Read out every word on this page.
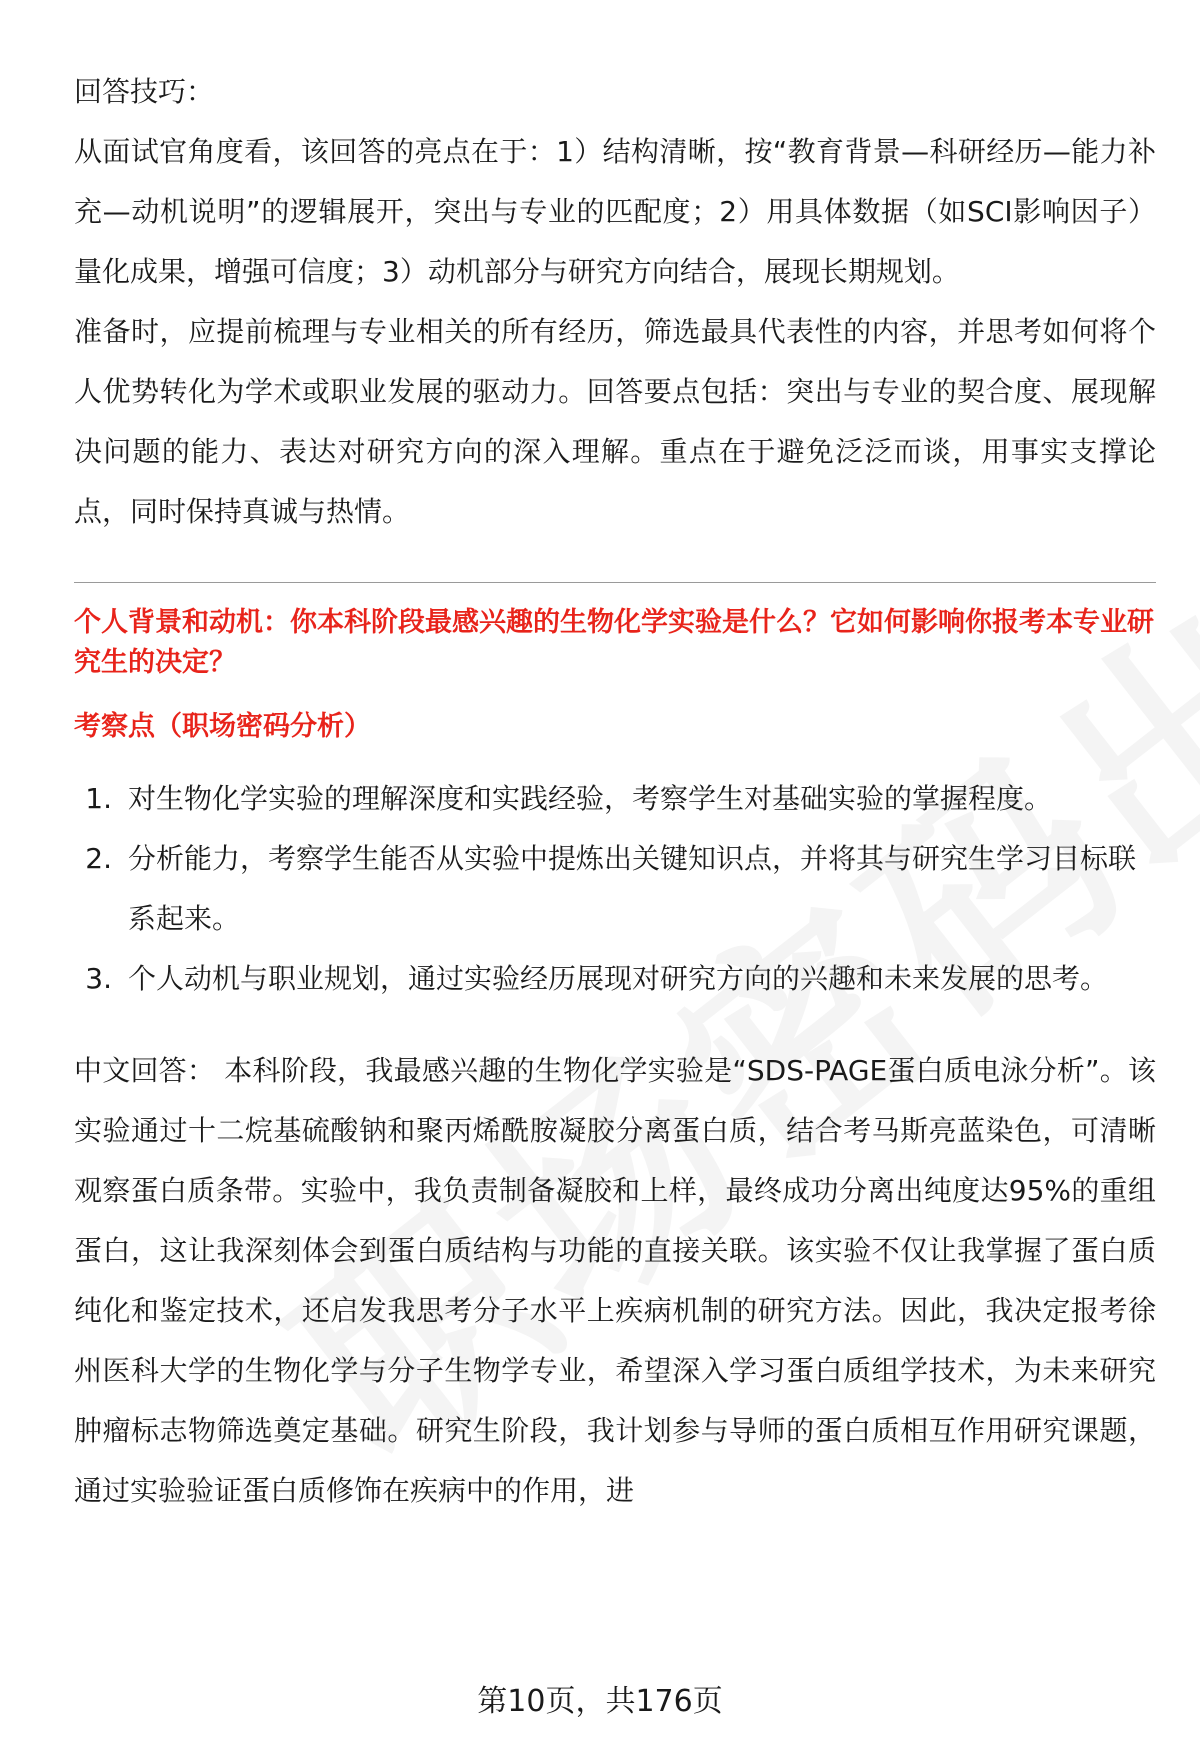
回答技巧：

从面试官角度看，该回答的亮点在于：1）结构清晰，按“教育背景—科研经历—能力补充—动机说明”的逻辑展开，突出与专业的匹配度；2）用具体数据（如SCI影响因子）量化成果，增强可信度；3）动机部分与研究方向结合，展现长期规划。

准备时，应提前梳理与专业相关的所有经历，筛选最具代表性的内容，并思考如何将个人优势转化为学术或职业发展的驱动力。回答要点包括：突出与专业的契合度、展现解决问题的能力、表达对研究方向的深入理解。重点在于避免泛泛而谈，用事实支撑论点，同时保持真诚与热情。

个人背景和动机：你本科阶段最感兴趣的生物化学实验是什么？它如何影响你报考本专业研究生的决定？
考察点（职场密码分析）
1. 对生物化学实验的理解深度和实践经验，考察学生对基础实验的掌握程度。
2. 分析能力，考察学生能否从实验中提炼出关键知识点，并将其与研究生学习目标联系起来。
3. 个人动机与职业规划，通过实验经历展现对研究方向的兴趣和未来发展的思考。

中文回答： 本科阶段，我最感兴趣的生物化学实验是“SDS-PAGE蛋白质电泳分析”。该实验通过十二烷基硫酸钠和聚丙烯酰胺凝胶分离蛋白质，结合考马斯亮蓝染色，可清晰观察蛋白质条带。实验中，我负责制备凝胶和上样，最终成功分离出纯度达95%的重组蛋白，这让我深刻体会到蛋白质结构与功能的直接关联。该实验不仅让我掌握了蛋白质纯化和鉴定技术，还启发我思考分子水平上疾病机制的研究方法。因此，我决定报考徐州医科大学的生物化学与分子生物学专业，希望深入学习蛋白质组学技术，为未来研究肿瘤标志物筛选奠定基础。研究生阶段，我计划参与导师的蛋白质相互作用研究课题，通过实验验证蛋白质修饰在疾病中的作用，进

第10页，共176页
